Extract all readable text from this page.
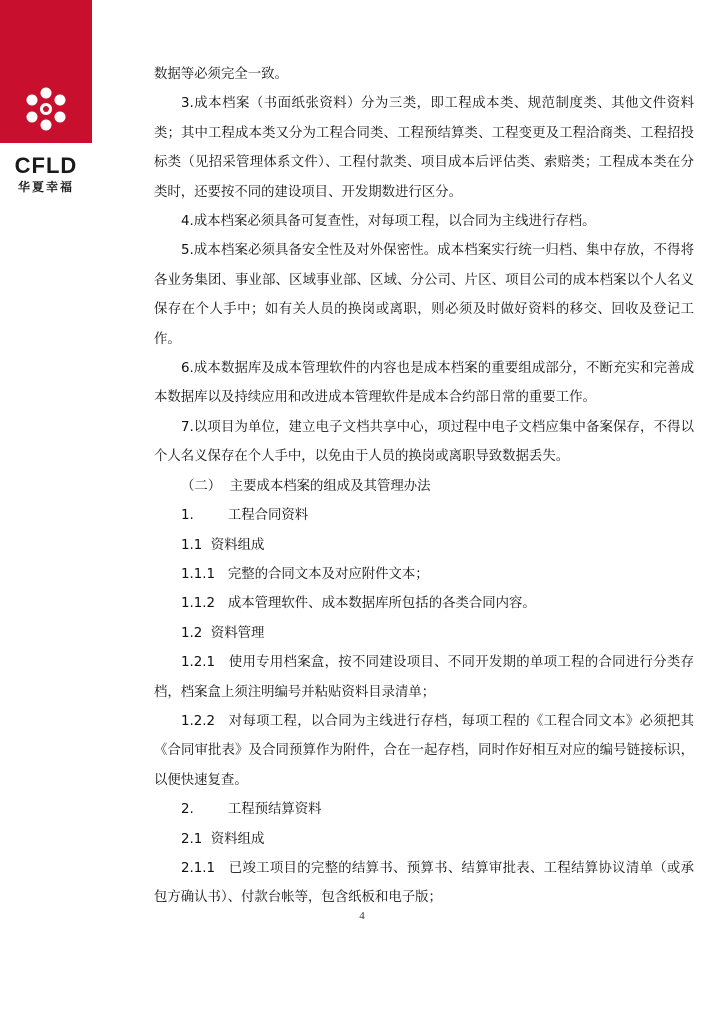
CFLD
华夏幸福

数据等必须完全一致。

3.成本档案（书面纸张资料）分为三类，即工程成本类、规范制度类、其他文件资料类；其中工程成本类又分为工程合同类、工程预结算类、工程变更及工程洽商类、工程招投标类（见招采管理体系文件）、工程付款类、项目成本后评估类、索赔类；工程成本类在分类时，还要按不同的建设项目、开发期数进行区分。

4.成本档案必须具备可复查性，对每项工程，以合同为主线进行存档。

5.成本档案必须具备安全性及对外保密性。成本档案实行统一归档、集中存放，不得将各业务集团、事业部、区域事业部、区域、分公司、片区、项目公司的成本档案以个人名义保存在个人手中；如有关人员的换岗或离职，则必须及时做好资料的移交、回收及登记工作。

6.成本数据库及成本管理软件的内容也是成本档案的重要组成部分，不断充实和完善成本数据库以及持续应用和改进成本管理软件是成本合约部日常的重要工作。

7.以项目为单位，建立电子文档共享中心，项过程中电子文档应集中备案保存，不得以个人名义保存在个人手中，以免由于人员的换岗或离职导致数据丢失。

（二）  主要成本档案的组成及其管理办法

1.        工程合同资料

1.1  资料组成

1.1.1   完整的合同文本及对应附件文本；

1.1.2   成本管理软件、成本数据库所包括的各类合同内容。

1.2  资料管理

1.2.1   使用专用档案盒，按不同建设项目、不同开发期的单项工程的合同进行分类存档，档案盒上须注明编号并粘贴资料目录清单；

1.2.2   对每项工程，以合同为主线进行存档，每项工程的《工程合同文本》必须把其《合同审批表》及合同预算作为附件，合在一起存档，同时作好相互对应的编号链接标识，以便快速复查。

2.        工程预结算资料

2.1  资料组成

2.1.1   已竣工项目的完整的结算书、预算书、结算审批表、工程结算协议清单（或承包方确认书）、付款台帐等，包含纸板和电子版；

4
